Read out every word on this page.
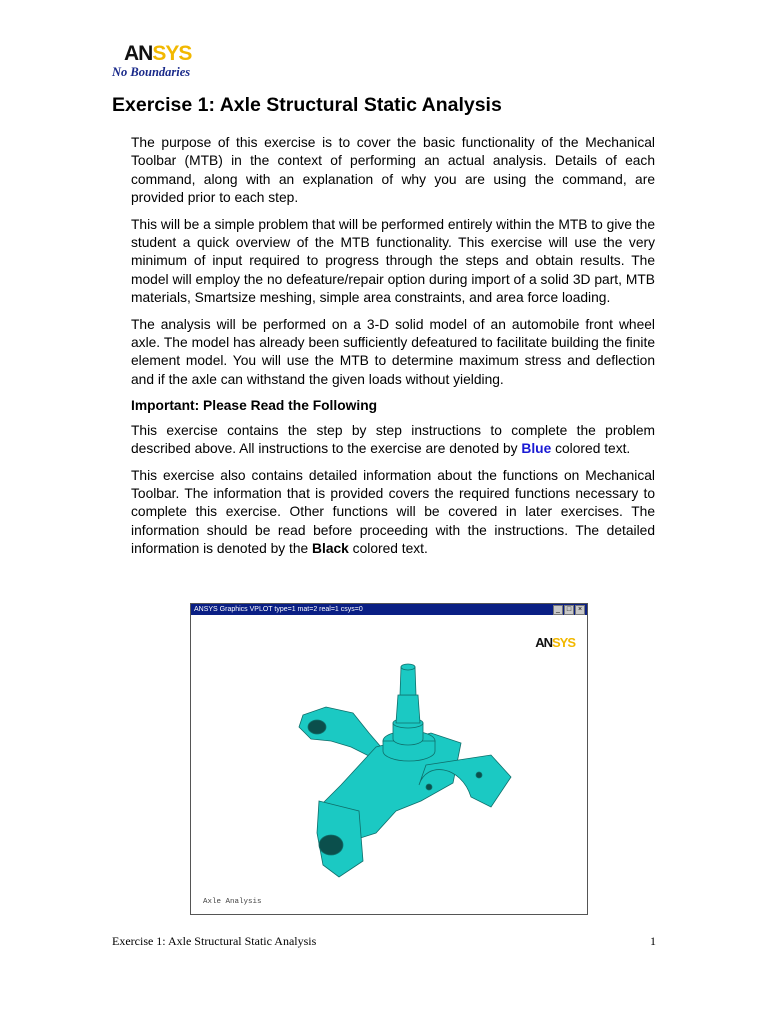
ANSYS
No Boundaries
Exercise 1: Axle Structural Static Analysis

The purpose of this exercise is to cover the basic functionality of the Mechanical Toolbar (MTB) in the context of performing an actual analysis. Details of each command, along with an explanation of why you are using the command, are provided prior to each step.

This will be a simple problem that will be performed entirely within the MTB to give the student a quick overview of the MTB functionality. This exercise will use the very minimum of input required to progress through the steps and obtain results. The model will employ the no defeature/repair option during import of a solid 3D part, MTB materials, Smartsize meshing, simple area constraints, and area force loading.

The analysis will be performed on a 3-D solid model of an automobile front wheel axle. The model has already been sufficiently defeatured to facilitate building the finite element model. You will use the MTB to determine maximum stress and deflection and if the axle can withstand the given loads without yielding.

Important: Please Read the Following

This exercise contains the step by step instructions to complete the problem described above. All instructions to the exercise are denoted by Blue colored text.

This exercise also contains detailed information about the functions on Mechanical Toolbar. The information that is provided covers the required functions necessary to complete this exercise. Other functions will be covered in later exercises. The information should be read before proceeding with the instructions. The detailed information is denoted by the Black colored text.

ANSYS Graphics VPLOT type=1 mat=2 real=1 csys=0	_ □ ×
ANSYS
Axle Analysis
Exercise 1: Axle Structural Static Analysis	1
